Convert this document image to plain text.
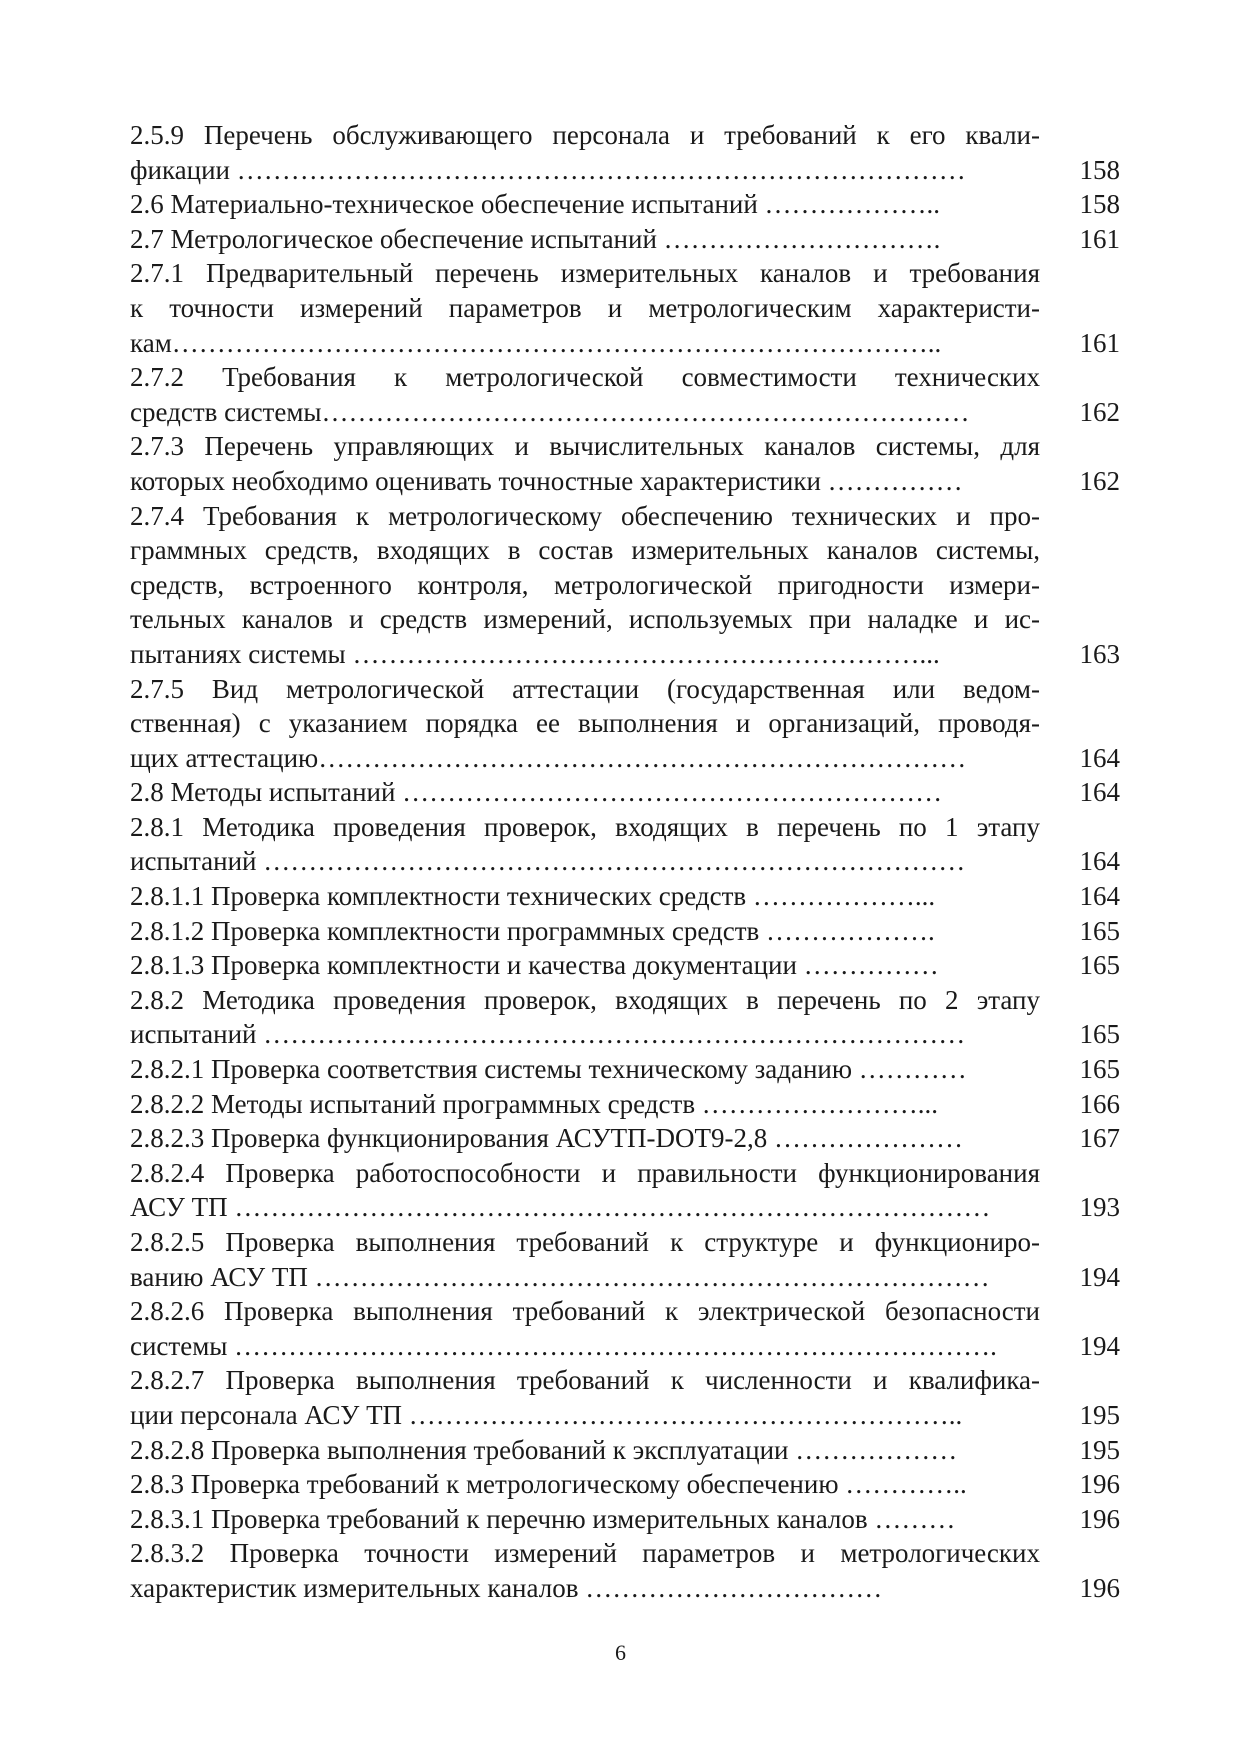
2.5.9 Перечень обслуживающего персонала и требований к его квали-
фикации ………………………………………………………………………	158
2.6 Материально-техническое обеспечение испытаний ………………..	158
2.7 Метрологическое обеспечение испытаний ………………………….	161
2.7.1 Предварительный перечень измерительных каналов и требования
к точности измерений параметров и метрологическим характеристи-
кам…………………………………………………………………………..	161
2.7.2 Требования к метрологической совместимости технических
средств системы………………………………………………………………	162
2.7.3 Перечень управляющих и вычислительных каналов системы, для
которых необходимо оценивать точностные характеристики ……………	162
2.7.4 Требования к метрологическому обеспечению технических и про-
граммных средств, входящих в состав измерительных каналов системы,
средств, встроенного контроля, метрологической пригодности измери-
тельных каналов и средств измерений, используемых при наладке и ис-
пытаниях системы ………………………………………………………...	163
2.7.5 Вид метрологической аттестации (государственная или ведом-
ственная) с указанием порядка ее выполнения и организаций, проводя-
щих аттестацию………………………………………………………………	164
2.8 Методы испытаний ……………………………………………………	164
2.8.1 Методика проведения проверок, входящих в перечень по 1 этапу
испытаний ……………………………………………………………………	164
2.8.1.1 Проверка комплектности технических средств ………………...	164
2.8.1.2 Проверка комплектности программных средств ……………….	165
2.8.1.3 Проверка комплектности и качества документации ……………	165
2.8.2 Методика проведения проверок, входящих в перечень по 2 этапу
испытаний ……………………………………………………………………	165
2.8.2.1 Проверка соответствия системы техническому заданию …………	165
2.8.2.2 Методы испытаний программных средств ……………………...	166
2.8.2.3 Проверка функционирования АСУТП-DOT9-2,8 …………………	167
2.8.2.4 Проверка работоспособности и правильности функционирования
АСУ ТП …………………………………………………………………………	193
2.8.2.5 Проверка выполнения требований к структуре и функциониро-
ванию АСУ ТП …………………………………………………………………	194
2.8.2.6 Проверка выполнения требований к электрической безопасности
системы ………………………………………………………………………….	194
2.8.2.7 Проверка выполнения требований к численности и квалифика-
ции персонала АСУ ТП ……………………………………………………..	195
2.8.2.8 Проверка выполнения требований к эксплуатации ………………	195
2.8.3 Проверка требований к метрологическому обеспечению …………..	196
2.8.3.1 Проверка требований к перечню измерительных каналов ………	196
2.8.3.2 Проверка точности измерений параметров и метрологических
характеристик измерительных каналов ……………………………	196
6
